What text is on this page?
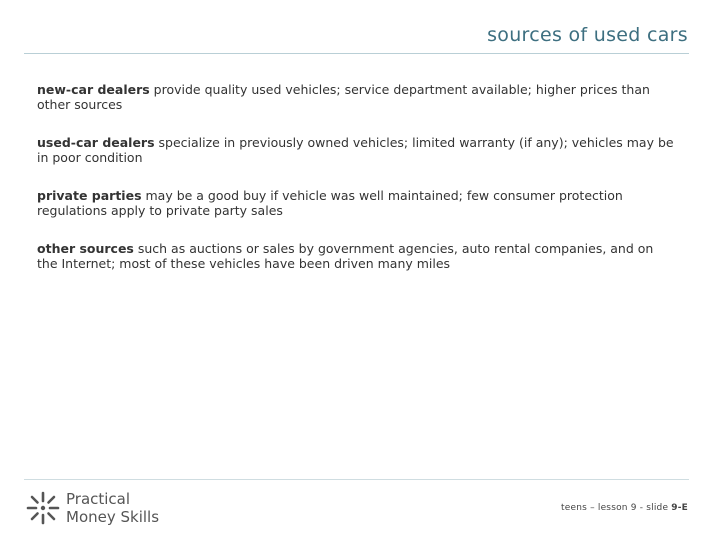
sources of used cars

new-car dealers provide quality used vehicles; service department available; higher prices than other sources

used-car dealers specialize in previously owned vehicles; limited warranty (if any); vehicles may be in poor condition

private parties may be a good buy if vehicle was well maintained; few consumer protection regulations apply to private party sales

other sources such as auctions or sales by government agencies, auto rental companies, and on the Internet; most of these vehicles have been driven many miles

Practical
Money Skills	teens – lesson 9 - slide 9-E
